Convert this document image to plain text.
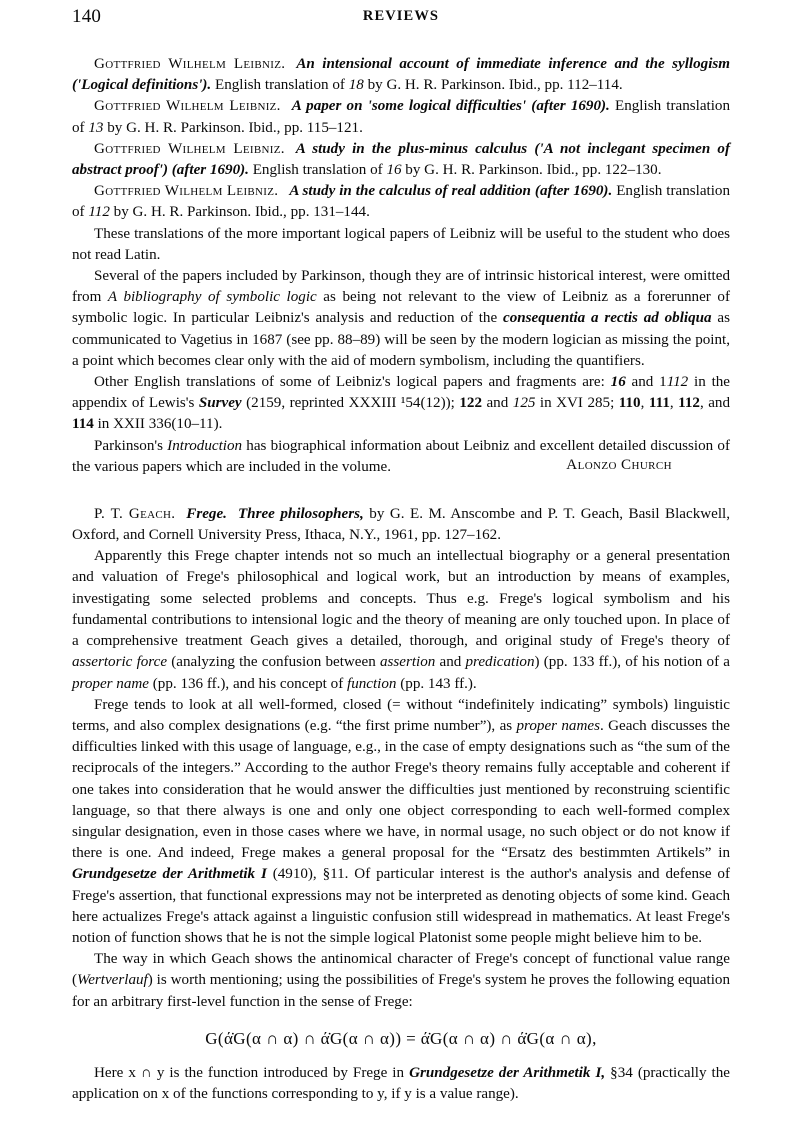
140	REVIEWS

Gottfried Wilhelm Leibniz. An intensional account of immediate inference and the syllogism ('Logical definitions'). English translation of 18 by G. H. R. Parkinson. Ibid., pp. 112–114.

Gottfried Wilhelm Leibniz. A paper on 'some logical difficulties' (after 1690). English translation of 13 by G. H. R. Parkinson. Ibid., pp. 115–121.

Gottfried Wilhelm Leibniz. A study in the plus-minus calculus ('A not inclegant specimen of abstract proof') (after 1690). English translation of 16 by G. H. R. Parkinson. Ibid., pp. 122–130.

Gottfried Wilhelm Leibniz. A study in the calculus of real addition (after 1690). English translation of 112 by G. H. R. Parkinson. Ibid., pp. 131–144.

These translations of the more important logical papers of Leibniz will be useful to the student who does not read Latin.

Several of the papers included by Parkinson, though they are of intrinsic historical interest, were omitted from A bibliography of symbolic logic as being not relevant to the view of Leibniz as a forerunner of symbolic logic. In particular Leibniz's analysis and reduction of the consequentia a rectis ad obliqua as communicated to Vagetius in 1687 (see pp. 88–89) will be seen by the modern logician as missing the point, a point which becomes clear only with the aid of modern symbolism, including the quantifiers.

Other English translations of some of Leibniz's logical papers and fragments are: 16 and 1112 in the appendix of Lewis's Survey (2159, reprinted XXXIII ¹54(12)); 122 and 125 in XVI 285; 110, 111, 112, and 114 in XXII 336(10–11).

Parkinson's Introduction has biographical information about Leibniz and excellent detailed discussion of the various papers which are included in the volume.	Alonzo Church

P. T. Geach. Frege. Three philosophers, by G. E. M. Anscombe and P. T. Geach, Basil Blackwell, Oxford, and Cornell University Press, Ithaca, N.Y., 1961, pp. 127–162.

Apparently this Frege chapter intends not so much an intellectual biography or a general presentation and valuation of Frege's philosophical and logical work, but an introduction by means of examples, investigating some selected problems and concepts. Thus e.g. Frege's logical symbolism and his fundamental contributions to intensional logic and the theory of meaning are only touched upon. In place of a comprehensive treatment Geach gives a detailed, thorough, and original study of Frege's theory of assertoric force (analyzing the confusion between assertion and predication) (pp. 133 ff.), of his notion of a proper name (pp. 136 ff.), and his concept of function (pp. 143 ff.).

Frege tends to look at all well-formed, closed (= without “indefinitely indicating” symbols) linguistic terms, and also complex designations (e.g. “the first prime number”), as proper names. Geach discusses the difficulties linked with this usage of language, e.g., in the case of empty designations such as “the sum of the reciprocals of the integers.” According to the author Frege's theory remains fully acceptable and coherent if one takes into consideration that he would answer the difficulties just mentioned by reconstruing scientific language, so that there always is one and only one object corresponding to each well-formed complex singular designation, even in those cases where we have, in normal usage, no such object or do not know if there is one. And indeed, Frege makes a general proposal for the “Ersatz des bestimmten Artikels” in Grundgesetze der Arithmetik I (4910), §11. Of particular interest is the author's analysis and defense of Frege's assertion, that functional expressions may not be interpreted as denoting objects of some kind. Geach here actualizes Frege's attack against a linguistic confusion still widespread in mathematics. At least Frege's notion of function shows that he is not the simple logical Platonist some people might believe him to be.

The way in which Geach shows the antinomical character of Frege's concept of functional value range (Wertverlauf) is worth mentioning; using the possibilities of Frege's system he proves the following equation for an arbitrary first-level function in the sense of Frege:

G(ά̇G(α ∩ α) ∩ ά̇G(α ∩ α)) = ά̇G(α ∩ α) ∩ ά̇G(α ∩ α),

Here x ∩ y is the function introduced by Frege in Grundgesetze der Arithmetik I, §34 (practically the application on x of the functions corresponding to y, if y is a value range).
